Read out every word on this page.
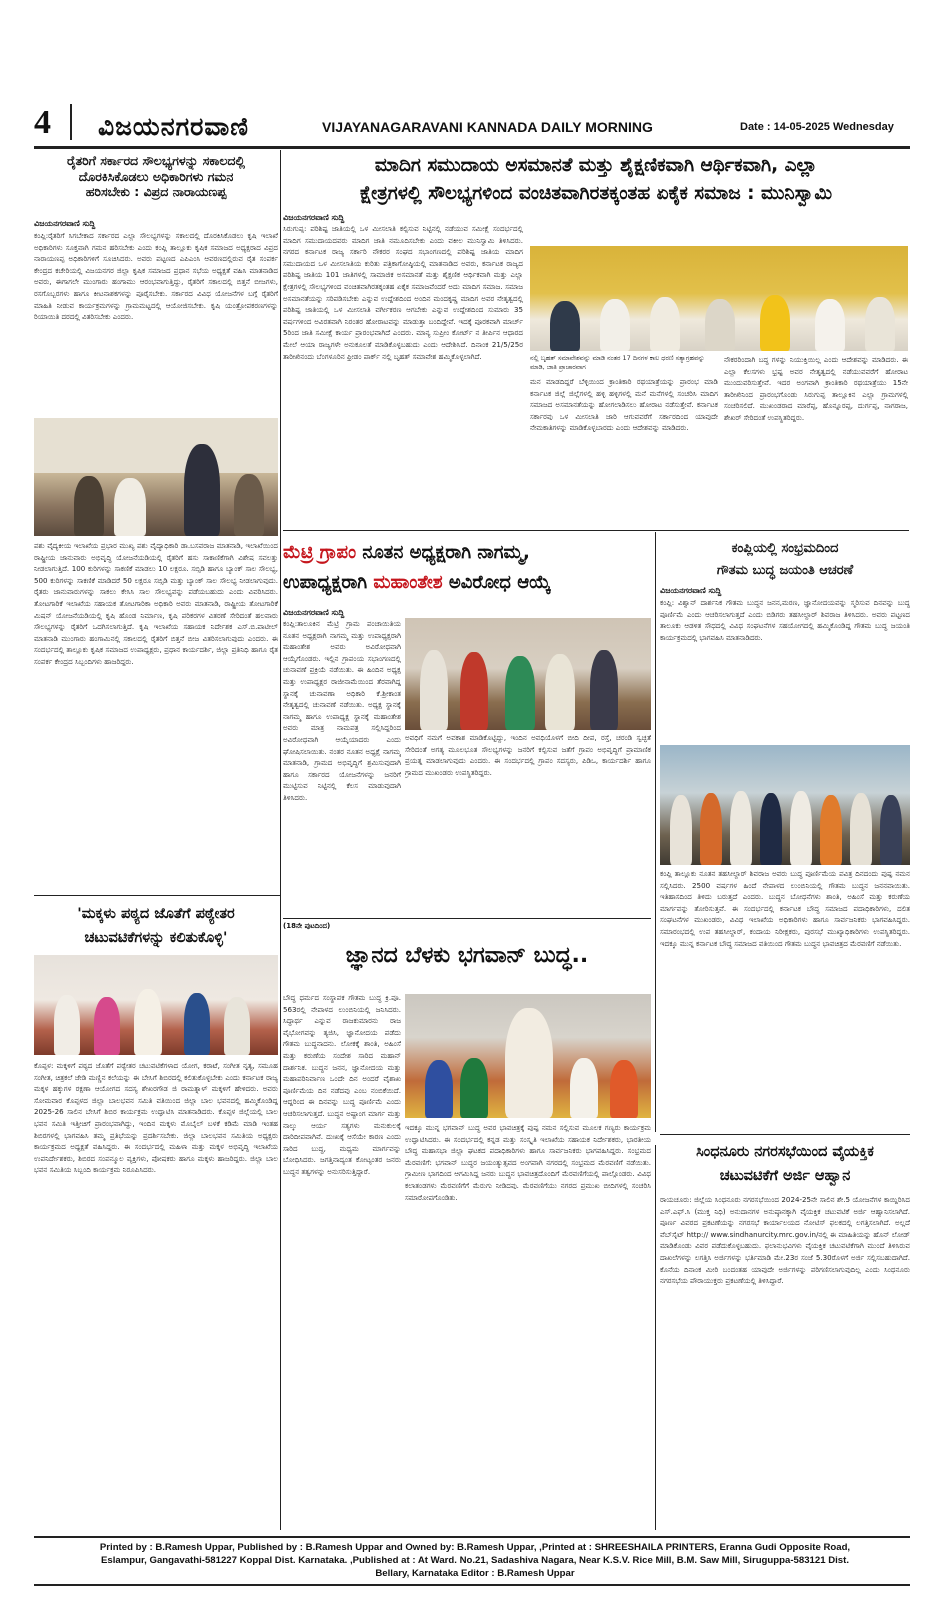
4 ವಿಜಯನಗರವಾಣಿ	VIJAYANAGARAVANI KANNADA DAILY MORNING	Date : 14-05-2025 Wednesday
ರೈತರಿಗೆ ಸರ್ಕಾರದ ಸೌಲಭ್ಯಗಳನ್ನು ಸಕಾಲದಲ್ಲಿ
ದೊರಕಿಸಿಕೊಡಲು ಅಧಿಕಾರಿಗಳು ಗಮನ
ಹರಿಸಬೇಕು : ವಿಪ್ರದ ನಾರಾಯಣಪ್ಪ
ವಿಜಯನಗರವಾಣಿ ಸುದ್ದಿ
ಕಂಪ್ಲಿ:ರೈತರಿಗೆ ಸಿಗಬೇಕಾದ ಸರ್ಕಾರದ ಎಲ್ಲಾ ಸೌಲಭ್ಯಗಳನ್ನು ಸಕಾಲದಲ್ಲಿ ದೊರಕಿಸಿಕೊಡಲು ಕೃಷಿ ಇಲಾಖೆ ಅಧಿಕಾರಿಗಳು ಸೂಕ್ತವಾಗಿ ಗಮನ ಹರಿಸಬೇಕು ಎಂದು ಕಂಪ್ಲಿ ತಾಲ್ಲೂಕು ಕೃಷಿಕ ಸಮಾಜದ ಅಧ್ಯಕ್ಷರಾದ ವಿಪ್ರದ ನಾರಾಯಣಪ್ಪ ಅಧಿಕಾರಿಗಳಿಗೆ ಸೂಚಿಸಿದರು. ಅವರು ಪಟ್ಟಣದ ಎಪಿಎಂಸಿ ಆವರಣದಲ್ಲಿರುವ ರೈತ ಸಂಪರ್ಕ ಕೇಂದ್ರದ ಕಚೇರಿಯಲ್ಲಿ ವಿಜಯನಗರ ಜಿಲ್ಲಾ ಕೃಷಿಕ ಸಮಾಜದ ಪ್ರಧಾನ ಸಭೆಯ ಅಧ್ಯಕ್ಷತೆ ವಹಿಸಿ ಮಾತನಾಡಿದ ಅವರು, ಈಗಾಗಲೇ ಮುಂಗಾರು ಹಂಗಾಮು ಆರಂಭವಾಗುತ್ತಿದ್ದು, ರೈತರಿಗೆ ಸಕಾಲದಲ್ಲಿ ಬಿತ್ತನೆ ಬೀಜಗಳು, ರಸಗೊಬ್ಬರಗಳು ಹಾಗೂ ಕೀಟನಾಶಕಗಳನ್ನು ಪೂರೈಸಬೇಕು. ಸರ್ಕಾರದ ವಿವಿಧ ಯೋಜನೆಗಳ ಬಗ್ಗೆ ರೈತರಿಗೆ ಮಾಹಿತಿ ನೀಡುವ ಕಾರ್ಯಕ್ರಮಗಳನ್ನು ಗ್ರಾಮಮಟ್ಟದಲ್ಲಿ ಆಯೋಜಿಸಬೇಕು. ಕೃಷಿ ಯಂತ್ರೋಪಕರಣಗಳನ್ನು ರಿಯಾಯಿತಿ ದರದಲ್ಲಿ ವಿತರಿಸಬೇಕು ಎಂದರು.
ಪಶು ವೈದ್ಯಕೀಯ ಇಲಾಖೆಯ ಪ್ರಭಾರ ಮುಖ್ಯ ಪಶು ವೈದ್ಯಾಧಿಕಾರಿ ಡಾ.ಬಸವರಾಜ ಮಾತನಾಡಿ, ಇಲಾಖೆಯಿಂದ ರಾಷ್ಟ್ರೀಯ ಜಾನುವಾರು ಅಭಿವೃದ್ಧಿ ಯೋಜನೆಯಡಿಯಲ್ಲಿ ರೈತರಿಗೆ ಹಸು ಸಾಕಾಣಿಕೆಗಾಗಿ ವಿಶೇಷ ಸವಲತ್ತು ನೀಡಲಾಗುತ್ತಿದೆ. 100 ಕುರಿಗಳನ್ನು ಸಾಕಣಿಕೆ ಮಾಡಲು 10 ಲಕ್ಷರೂ. ಸಬ್ಸಿಡಿ ಹಾಗೂ ಬ್ಯಾಂಕ್ ಸಾಲ ಸೌಲಭ್ಯ, 500 ಕುರಿಗಳನ್ನು ಸಾಕಣಿಕೆ ಮಾಡಿದರೆ 50 ಲಕ್ಷರೂ ಸಬ್ಸಿಡಿ ಮತ್ತು ಬ್ಯಾಂಕ್ ಸಾಲ ಸೌಲಭ್ಯ ನೀಡಲಾಗುವುದು. ರೈತರು ಜಾನುವಾರುಗಳನ್ನು ಸಾಕಲು ಕೇಸಿಸಿ ಸಾಲ ಸೌಲಭ್ಯವನ್ನು ಪಡೆಯಬಹುದು ಎಂದು ವಿವರಿಸಿದರು. ತೋಟಗಾರಿಕೆ ಇಲಾಖೆಯ ಸಹಾಯಕ ತೋಟಗಾರಿಕಾ ಅಧಿಕಾರಿ ಅವರು ಮಾತನಾಡಿ, ರಾಷ್ಟ್ರೀಯ ತೋಟಗಾರಿಕೆ ಮಿಷನ್ ಯೋಜನೆಯಡಿಯಲ್ಲಿ ಕೃಷಿ ಹೊಂಡ ನಿರ್ಮಾಣ, ಕೃಷಿ ಪರಿಕರಗಳ ವಿತರಣೆ ಸೇರಿದಂತೆ ಹಲವಾರು ಸೌಲಭ್ಯಗಳನ್ನು ರೈತರಿಗೆ ಒದಗಿಸಲಾಗುತ್ತಿದೆ. ಕೃಷಿ ಇಲಾಖೆಯ ಸಹಾಯಕ ನಿರ್ದೇಶಕ ಎಸ್.ಬಿ.ಪಾಟೀಲ್ ಮಾತನಾಡಿ ಮುಂಗಾರು ಹಂಗಾಮಿನಲ್ಲಿ ಸಕಾಲದಲ್ಲಿ ರೈತರಿಗೆ ಬಿತ್ತನೆ ಬೀಜ ವಿತರಿಸಲಾಗುವುದು ಎಂದರು. ಈ ಸಂದರ್ಭದಲ್ಲಿ ತಾಲ್ಲೂಕು ಕೃಷಿಕ ಸಮಾಜದ ಉಪಾಧ್ಯಕ್ಷರು, ಪ್ರಧಾನ ಕಾರ್ಯದರ್ಶಿ, ಜಿಲ್ಲಾ ಪ್ರತಿನಿಧಿ ಹಾಗೂ ರೈತ ಸಂಪರ್ಕ ಕೇಂದ್ರದ ಸಿಬ್ಬಂದಿಗಳು ಹಾಜರಿದ್ದರು.
ಮಾದಿಗ ಸಮುದಾಯ ಅಸಮಾನತೆ ಮತ್ತು ಶೈಕ್ಷಣಿಕವಾಗಿ ಆರ್ಥಿಕವಾಗಿ, ಎಲ್ಲಾ
ಕ್ಷೇತ್ರಗಳಲ್ಲಿ ಸೌಲಭ್ಯಗಳಿಂದ ವಂಚಿತವಾಗಿರತಕ್ಕಂತಹ ಏಕೈಕ ಸಮಾಜ : ಮುನಿಸ್ವಾಮಿ
ವಿಜಯನಗರವಾಣಿ ಸುದ್ದಿ
ಸಿರುಗುಪ್ಪ: ಪರಿಶಿಷ್ಟ ಜಾತಿಯಲ್ಲಿ ಒಳ ಮೀಸಲಾತಿ ಕಲ್ಪಿಸುವ ನಿಟ್ಟಿನಲ್ಲಿ ನಡೆಯುವ ಸಮೀಕ್ಷೆ ಸಂದರ್ಭದಲ್ಲಿ ಮಾದಿಗ ಸಮುದಾಯದವರು ಮಾದಿಗ ಜಾತಿ ನಮೂದಿಸಬೇಕು ಎಂದು ವಕೀಲ ಮುನಿಸ್ವಾಮಿ ತಿಳಿಸಿದರು. ನಗರದ ಕರ್ನಾಟಕ ರಾಜ್ಯ ಸರ್ಕಾರಿ ನೌಕರರ ಸಂಘದ ಸಭಾಂಗಣದಲ್ಲಿ ಪರಿಶಿಷ್ಟ ಜಾತಿಯ ಮಾದಿಗ ಸಮುದಾಯದ ಒಳ ಮೀಸಲಾತಿಯ ಕುರಿತು ಪತ್ರಿಕಾಗೋಷ್ಠಿಯಲ್ಲಿ ಮಾತನಾಡಿದ ಅವರು, ಕರ್ನಾಟಕ ರಾಜ್ಯದ ಪರಿಶಿಷ್ಟ ಜಾತಿಯ 101 ಜಾತಿಗಳಲ್ಲಿ ಸಾಮಾಜಿಕ ಅಸಮಾನತೆ ಮತ್ತು ಶೈಕ್ಷಣಿಕ ಆರ್ಥಿಕವಾಗಿ ಮತ್ತು ಎಲ್ಲಾ ಕ್ಷೇತ್ರಗಳಲ್ಲಿ ಸೌಲಭ್ಯಗಳಿಂದ ವಂಚಿತವಾಗಿರತಕ್ಕಂತಹ ಏಕೈಕ ಸಮಾಜವೆಂದರೆ ಅದು ಮಾದಿಗ ಸಮಾಜ. ಸಮಾಜ ಅಸಮಾನತೆಯನ್ನು ಸರಿಪಡಿಸಬೇಕು ಎನ್ನುವ ಉದ್ದೇಶದಿಂದ ಅಂದಿನ ಮಂದಕೃಷ್ಣ ಮಾದಿಗ ಅವರ ನೇತೃತ್ವದಲ್ಲಿ ಪರಿಶಿಷ್ಟ ಜಾತಿಯಲ್ಲಿ ಒಳ ಮೀಸಲಾತಿ ವರ್ಗೀಕರಣ ಆಗಬೇಕು ಎನ್ನುವ ಉದ್ದೇಶದಿಂದ ಸುಮಾರು 35 ವರ್ಷಗಳಿಂದ ಅವಿರತವಾಗಿ ನಿರಂತರ ಹೋರಾಟವನ್ನು ಮಾಡುತ್ತಾ ಬಂದಿದ್ದೇವೆ. ಇದಕ್ಕೆ ಪೂರಕವಾಗಿ ಮಾರ್ಚ್ 5ರಿಂದ ಜಾತಿ ಸಮೀಕ್ಷೆ ಕಾರ್ಯ ಪ್ರಾರಂಭವಾಗಿದೆ ಎಂದರು. ಮಾನ್ಯ ಸುಪ್ರೀಂ ಕೋರ್ಟ್ ನ ತೀರ್ಪಿನ ಆಧಾರದ ಮೇಲೆ ಆಯಾ ರಾಜ್ಯಗಳೇ ಅನುಕೂಲತೆ ಮಾಡಿಕೊಳ್ಳಬಹುದು ಎಂದು ಆದೇಶಿಸಿದೆ. ದಿನಾಂಕ 21/5/25ರ ತಾರೀಖಿನಂದು ಬೆಂಗಳೂರಿನ ಫ್ರೀಡಂ ಪಾರ್ಕ್ ನಲ್ಲಿ ಬೃಹತ್ ಸಮಾವೇಶ ಹಮ್ಮಿಕೊಳ್ಳಲಾಗಿದೆ.	ನಲ್ಲಿ ಬೃಹತ್ ಸಮಾವೇಶವನ್ನು ಮಾಡಿ ನಂತರ 17 ದಿನಗಳ ಕಾಲ ಧರಣಿ ಸತ್ಯಾಗ್ರಹವನ್ನು ಮಾಡಿ, ಜಾತಿ ಪ್ರಾಚಾರವಾಗ
ಮನ ಮಾಡದಿದ್ದರೆ ಬೆಳ್ಳಿಯಿಂದ ಕ್ರಾಂತಿಕಾರಿ ರಥಯಾತ್ರೆಯನ್ನು ಪ್ರಾರಂಭ ಮಾಡಿ ಕರ್ನಾಟಕ ಜಿಲ್ಲೆ ಜಿಲ್ಲೆಗಳಲ್ಲಿ ಹಳ್ಳಿ ಹಳ್ಳಿಗಳಲ್ಲಿ ಮನೆ ಮನೆಗಳಲ್ಲಿ ಸಂಚರಿಸಿ ಮಾದಿಗ ಸಮಾಜದ ಅಸಮಾನತೆಯನ್ನು ಹೋಗಲಾಡಿಸಲು ಹೋರಾಟ ನಡೆಸುತ್ತೇವೆ. ಕರ್ನಾಟಕ ಸರ್ಕಾರವು ಒಳ ಮೀಸಲಾತಿ ಜಾರಿ ಆಗುವವರೆಗೆ ಸರ್ಕಾರದಿಂದ ಯಾವುದೇ ನೇಮಕಾತಿಗಳನ್ನು ಮಾಡಿಕೊಳ್ಳಬಾರದು ಎಂದು ಆದೇಶವನ್ನು ಮಾಡಿದರು.
ನೌಕರರಿಂದಾಗಿ ಬದ್ಧ ಗಳನ್ನು ನಿಯುಕ್ತಿಯಿಲ್ಲ ಎಂದು ಆದೇಶವನ್ನು ಮಾಡಿದರು. ಈ ಎಲ್ಲಾ ಕೆಲಸಗಳು ಭ್ರಷ್ಟ ಅವರ ನೇತೃತ್ವದಲ್ಲಿ ನಡೆಯುವವರೆಗೆ ಹೋರಾಟ ಮುಂದುವರಿಸುತ್ತೇವೆ. ಇದರ ಅಂಗವಾಗಿ ಕ್ರಾಂತಿಕಾರಿ ರಥಯಾತ್ರೆಯು 15ನೇ ತಾರೀಖಿನಿಂದ ಪ್ರಾರಂಭಗೊಂಡು ಸಿರುಗುಪ್ಪ ತಾಲ್ಲೂಕಿನ ಎಲ್ಲಾ ಗ್ರಾಮಗಳಲ್ಲಿ ಸಂಚರಿಸಲಿದೆ. ಮುಖಂಡರಾದ ಮಾರೆಪ್ಪ, ಹೊನ್ನೂರಪ್ಪ, ದುರ್ಗಪ್ಪ, ನಾಗರಾಜ, ಶೇಖರ್ ಸೇರಿದಂತೆ ಉಪಸ್ಥಿತರಿದ್ದರು.
ಮೆಟ್ರಿ ಗ್ರಾಪಂ ನೂತನ ಅಧ್ಯಕ್ಷರಾಗಿ ನಾಗಮ್ಮ,
ಉಪಾಧ್ಯಕ್ಷರಾಗಿ ಮಹಾಂತೇಶ ಅವಿರೋಧ ಆಯ್ಕೆ
ವಿಜಯನಗರವಾಣಿ ಸುದ್ದಿ
ಕಂಪ್ಲಿ:ತಾಲೂಕಿನ ಮೆಟ್ರಿ ಗ್ರಾಮ ಪಂಚಾಯಿತಿಯ ನೂತನ ಅಧ್ಯಕ್ಷರಾಗಿ ನಾಗಮ್ಮ ಮತ್ತು ಉಪಾಧ್ಯಕ್ಷರಾಗಿ ಮಹಾಂತೇಶ ಅವರು ಅವಿರೋಧವಾಗಿ ಆಯ್ಕೆಗೊಂಡರು. ಇಲ್ಲಿನ ಗ್ರಾಪಂಯ ಸಭಾಂಗಣದಲ್ಲಿ ಚುನಾವಣೆ ಪ್ರಕ್ರಿಯೆ ನಡೆಯಿತು. ಈ ಹಿಂದಿನ ಅಧ್ಯಕ್ಷ ಮತ್ತು ಉಪಾಧ್ಯಕ್ಷರ ರಾಜೀನಾಮೆಯಿಂದ ತೆರವಾಗಿದ್ದ ಸ್ಥಾನಕ್ಕೆ ಚುನಾವಣಾ ಅಧಿಕಾರಿ ಕೆ.ಶ್ರೀಕಾಂತ ನೇತೃತ್ವದಲ್ಲಿ ಚುನಾವಣೆ ನಡೆಯಿತು. ಅಧ್ಯಕ್ಷ ಸ್ಥಾನಕ್ಕೆ ನಾಗಮ್ಮ ಹಾಗೂ ಉಪಾಧ್ಯಕ್ಷ ಸ್ಥಾನಕ್ಕೆ ಮಹಾಂತೇಶ ಅವರು ಮಾತ್ರ ನಾಮಪತ್ರ ಸಲ್ಲಿಸಿದ್ದರಿಂದ ಅವಿರೋಧವಾಗಿ ಆಯ್ಕೆಯಾದರು ಎಂದು ಘೋಷಿಸಲಾಯಿತು. ನಂತರ ನೂತನ ಅಧ್ಯಕ್ಷೆ ನಾಗಮ್ಮ ಮಾತನಾಡಿ, ಗ್ರಾಮದ ಅಭಿವೃದ್ಧಿಗೆ ಶ್ರಮಿಸುವುದಾಗಿ ಹಾಗೂ ಸರ್ಕಾರದ ಯೋಜನೆಗಳನ್ನು ಜನರಿಗೆ ಮುಟ್ಟಿಸುವ ನಿಟ್ಟಿನಲ್ಲಿ ಕೆಲಸ ಮಾಡುವುದಾಗಿ ತಿಳಿಸಿದರು.
ಅವಧಿಗೆ ನಮಗೆ ಅವಕಾಶ ಮಾಡಿಕೊಟ್ಟಿದ್ದು, ಇಂದಿನ ಅವಧಿಯೊಳಗೆ ಬೀದಿ ದೀಪ, ರಸ್ತೆ, ಚರಂಡಿ ಸ್ವಚ್ಛತೆ ಸೇರಿದಂತೆ ಅಗತ್ಯ ಮೂಲಭೂತ ಸೌಲಭ್ಯಗಳನ್ನು ಜನರಿಗೆ ಕಲ್ಪಿಸುವ ಜತೆಗೆ ಗ್ರಾಪಂ ಅಭಿವೃದ್ಧಿಗೆ ಪ್ರಾಮಾಣಿಕ ಪ್ರಯತ್ನ ಮಾಡಲಾಗುವುದು ಎಂದರು. ಈ ಸಂದರ್ಭದಲ್ಲಿ ಗ್ರಾಪಂ ಸದಸ್ಯರು, ಪಿಡಿಒ, ಕಾರ್ಯದರ್ಶಿ ಹಾಗೂ ಗ್ರಾಮದ ಮುಖಂಡರು ಉಪಸ್ಥಿತರಿದ್ದರು.
ಕಂಪ್ಲಿಯಲ್ಲಿ ಸಂಭ್ರಮದಿಂದ
ಗೌತಮ ಬುದ್ಧ ಜಯಂತಿ ಆಚರಣೆ
ವಿಜಯನಗರವಾಣಿ ಸುದ್ದಿ
ಕಂಪ್ಲಿ: ವಿಶ್ವಾನ್ ದಾರ್ಶನಿಕ ಗೌತಮ ಬುದ್ಧನ ಜನನ,ಮರಣ, ಜ್ಞಾನೋದಯವನ್ನು ಸ್ಮರಿಸುವ ದಿನವನ್ನು ಬುದ್ಧ ಪೂರ್ಣಿಮೆ ಎಂದು ಆಚರಿಸಲಾಗುತ್ತದೆ ಎಂದು ಬಿಡಿಗರು ತಹಸೀಲ್ದಾರ್ ಶಿವರಾಜ ತಿಳಿಸಿದರು. ಅವರು ಪಟ್ಟಣದ ತಾಲೂಕು ಆಡಳಿತ ಸೌಧದಲ್ಲಿ ವಿವಿಧ ಸಂಘಟನೆಗಳ ಸಹಯೋಗದಲ್ಲಿ ಹಮ್ಮಿಕೊಂಡಿದ್ದ ಗೌತಮ ಬುದ್ಧ ಜಯಂತಿ ಕಾರ್ಯಕ್ರಮದಲ್ಲಿ ಭಾಗವಹಿಸಿ ಮಾತನಾಡಿದರು.
ಕಂಪ್ಲಿ ತಾಲ್ಲೂಕು ನೂತನ ತಹಸೀಲ್ದಾರ್ ಶಿವರಾಜ ಅವರು ಬುದ್ಧ ಪೂರ್ಣಿಮೆಯ ಪವಿತ್ರ ದಿನದಂದು ಪುಷ್ಪ ನಮನ ಸಲ್ಲಿಸಿದರು. 2500 ವರ್ಷಗಳ ಹಿಂದೆ ನೇಪಾಳದ ಲುಂಬಿನಿಯಲ್ಲಿ ಗೌತಮ ಬುದ್ಧನ ಜನನವಾಯಿತು. ಇತಿಹಾಸದಿಂದ ತಿಳಿದು ಬರುತ್ತದೆ ಎಂದರು. ಬುದ್ಧನ ಬೋಧನೆಗಳು ಶಾಂತಿ, ಅಹಿಂಸೆ ಮತ್ತು ಕರುಣೆಯ ಮಾರ್ಗವನ್ನು ತೋರಿಸುತ್ತವೆ. ಈ ಸಂದರ್ಭದಲ್ಲಿ ಕರ್ನಾಟಕ ಬೌದ್ಧ ಸಮಾಜದ ಪದಾಧಿಕಾರಿಗಳು, ದಲಿತ ಸಂಘಟನೆಗಳ ಮುಖಂಡರು, ವಿವಿಧ ಇಲಾಖೆಯ ಅಧಿಕಾರಿಗಳು ಹಾಗೂ ಸಾರ್ವಜನಿಕರು ಭಾಗವಹಿಸಿದ್ದರು. ಸಮಾರಂಭದಲ್ಲಿ ಉಪ ತಹಸೀಲ್ದಾರ್, ಕಂದಾಯ ನಿರೀಕ್ಷಕರು, ಪುರಸಭೆ ಮುಖ್ಯಾಧಿಕಾರಿಗಳು ಉಪಸ್ಥಿತರಿದ್ದರು. ಇದಕ್ಕೂ ಮುನ್ನ ಕರ್ನಾಟಕ ಬೌದ್ಧ ಸಮಾಜದ ವತಿಯಿಂದ ಗೌತಮ ಬುದ್ಧನ ಭಾವಚಿತ್ರದ ಮೆರವಣಿಗೆ ನಡೆಯಿತು.
'ಮಕ್ಕಳು ಪಠ್ಯದ ಜೊತೆಗೆ ಪಠ್ಯೇತರ
ಚಟುವಟಿಕೆಗಳನ್ನು ಕಲಿತುಕೊಳ್ಳಿ'
ಕೊಪ್ಪಳ: ಮಕ್ಕಳಿಗೆ ಪಠ್ಯದ ಜೊತೆಗೆ ಪಠ್ಯೇತರ ಚಟುವಟಿಕೆಗಳಾದ ಯೋಗ, ಕರಾಟೆ, ಸಂಗೀತ ನೃತ್ಯ, ಸಮೂಹ ಸಂಗೀತ, ಚಿತ್ರಕಲೆ ಜೇಡಿ ಮಣ್ಣಿನ ಕಲೆಯನ್ನು ಈ ಬೇಸಿಗೆ ಶಿಬಿರದಲ್ಲಿ ಕಲಿತುಕೊಳ್ಳಬೇಕು ಎಂದು ಕರ್ನಾಟಕ ರಾಜ್ಯ ಮಕ್ಕಳ ಹಕ್ಕುಗಳ ರಕ್ಷಣಾ ಆಯೋಗದ ಸದಸ್ಯ ಶೇಖರಗೌಡ ಜಿ ರಾಮತ್ನಾಳ್ ಮಕ್ಕಳಿಗೆ ಹೇಳಿದರು. ಅವರು ಸೋಮವಾರ ಕೊಪ್ಪಳದ ಜಿಲ್ಲಾ ಬಾಲಭವನ ಸಮಿತಿ ವತಿಯಿಂದ ಜಿಲ್ಲಾ ಬಾಲ ಭವನದಲ್ಲಿ ಹಮ್ಮಿಕೊಂಡಿದ್ದ 2025-26 ಸಾಲಿನ ಬೇಸಿಗೆ ಶಿಬಿರ ಕಾರ್ಯಕ್ರಮ ಉದ್ಘಾಟಿಸಿ ಮಾತನಾಡಿದರು. ಕೊಪ್ಪಳ ಜಿಲ್ಲೆಯಲ್ಲಿ ಬಾಲ ಭವನ ಸಮಿತಿ ಇತ್ತೀಚಿಗೆ ಪ್ರಾರಂಭವಾಗಿದ್ದು, ಇಂದಿನ ಮಕ್ಕಳು ಮೊಬೈಲ್ ಬಳಕೆ ಕಡಿಮೆ ಮಾಡಿ ಇಂತಹ ಶಿಬಿರಗಳಲ್ಲಿ ಭಾಗವಹಿಸಿ ತಮ್ಮ ಪ್ರತಿಭೆಯನ್ನು ಪ್ರದರ್ಶಿಸಬೇಕು. ಜಿಲ್ಲಾ ಬಾಲಭವನ ಸಮಿತಿಯ ಅಧ್ಯಕ್ಷರು ಕಾರ್ಯಕ್ರಮದ ಅಧ್ಯಕ್ಷತೆ ವಹಿಸಿದ್ದರು. ಈ ಸಂದರ್ಭದಲ್ಲಿ ಮಹಿಳಾ ಮತ್ತು ಮಕ್ಕಳ ಅಭಿವೃದ್ಧಿ ಇಲಾಖೆಯ ಉಪನಿರ್ದೇಶಕರು, ಶಿಬಿರದ ಸಂಪನ್ಮೂಲ ವ್ಯಕ್ತಿಗಳು, ಪೋಷಕರು ಹಾಗೂ ಮಕ್ಕಳು ಹಾಜರಿದ್ದರು. ಜಿಲ್ಲಾ ಬಾಲ ಭವನ ಸಮಿತಿಯ ಸಿಬ್ಬಂದಿ ಕಾರ್ಯಕ್ರಮ ನಿರೂಪಿಸಿದರು.
(18ನೇ ಪುಟದಿಂದ)
ಜ್ಞಾನದ ಬೆಳಕು ಭಗವಾನ್ ಬುದ್ಧ..
ಬೌದ್ಧ ಧರ್ಮದ ಸಂಸ್ಥಾಪಕ ಗೌತಮ ಬುದ್ಧ ಕ್ರಿ.ಪೂ. 563ರಲ್ಲಿ ನೇಪಾಳದ ಲುಂಬಿನಿಯಲ್ಲಿ ಜನಿಸಿದರು. ಸಿದ್ಧಾರ್ಥ ಎನ್ನುವ ರಾಜಕುಮಾರನು ರಾಜ ವೈಭೋಗವನ್ನು ತ್ಯಜಿಸಿ, ಜ್ಞಾನೋದಯ ಪಡೆದು ಗೌತಮ ಬುದ್ಧನಾದನು. ಲೋಕಕ್ಕೆ ಶಾಂತಿ, ಅಹಿಂಸೆ ಮತ್ತು ಕರುಣೆಯ ಸಂದೇಶ ಸಾರಿದ ಮಹಾನ್ ದಾರ್ಶನಿಕ. ಬುದ್ಧನ ಜನನ, ಜ್ಞಾನೋದಯ ಮತ್ತು ಮಹಾಪರಿನಿರ್ವಾಣ ಒಂದೇ ದಿನ ಅಂದರೆ ವೈಶಾಖ ಪೂರ್ಣಿಮೆಯ ದಿನ ನಡೆದವು ಎಂಬ ನಂಬಿಕೆಯಿದೆ. ಆದ್ದರಿಂದ ಈ ದಿನವನ್ನು ಬುದ್ಧ ಪೂರ್ಣಿಮೆ ಎಂದು ಆಚರಿಸಲಾಗುತ್ತದೆ. ಬುದ್ಧನ ಅಷ್ಟಾಂಗ ಮಾರ್ಗ ಮತ್ತು ನಾಲ್ಕು ಆರ್ಯ ಸತ್ಯಗಳು ಮನುಕುಲಕ್ಕೆ ದಾರಿದೀಪವಾಗಿವೆ. ದುಃಖಕ್ಕೆ ಆಸೆಯೇ ಕಾರಣ ಎಂದು ಸಾರಿದ ಬುದ್ಧ, ಮಧ್ಯಮ ಮಾರ್ಗವನ್ನು ಬೋಧಿಸಿದರು. ಜಗತ್ತಿನಾದ್ಯಂತ ಕೋಟ್ಯಂತರ ಜನರು ಬುದ್ಧನ ತತ್ವಗಳನ್ನು ಅನುಸರಿಸುತ್ತಿದ್ದಾರೆ.
ಇದಕ್ಕೂ ಮುನ್ನ ಭಗವಾನ್ ಬುದ್ಧ ಅವರ ಭಾವಚಿತ್ರಕ್ಕೆ ಪುಷ್ಪ ನಮನ ಸಲ್ಲಿಸುವ ಮೂಲಕ ಗಣ್ಯರು ಕಾರ್ಯಕ್ರಮ ಉದ್ಘಾಟಿಸಿದರು. ಈ ಸಂದರ್ಭದಲ್ಲಿ ಕನ್ನಡ ಮತ್ತು ಸಂಸ್ಕೃತಿ ಇಲಾಖೆಯ ಸಹಾಯಕ ನಿರ್ದೇಶಕರು, ಭಾರತೀಯ ಬೌದ್ಧ ಮಹಾಸಭಾ ಜಿಲ್ಲಾ ಘಟಕದ ಪದಾಧಿಕಾರಿಗಳು ಹಾಗೂ ಸಾರ್ವಜನಿಕರು ಭಾಗವಹಿಸಿದ್ದರು. ಸಂಭ್ರಮದ ಮೆರವಣಿಗೆ: ಭಗವಾನ್ ಬುದ್ಧರ ಜಯಂತ್ಯುತ್ಸವದ ಅಂಗವಾಗಿ ನಗರದಲ್ಲಿ ಸಂಭ್ರಮದ ಮೆರವಣಿಗೆ ನಡೆಯಿತು. ಗ್ರಾಮೀಣ ಭಾಗದಿಂದ ಆಗಮಿಸಿದ್ದ ಜನರು ಬುದ್ಧನ ಭಾವಚಿತ್ರದೊಂದಿಗೆ ಮೆರವಣಿಗೆಯಲ್ಲಿ ಪಾಲ್ಗೊಂಡರು. ವಿವಿಧ ಕಲಾತಂಡಗಳು ಮೆರವಣಿಗೆಗೆ ಮೆರುಗು ನೀಡಿದವು. ಮೆರವಣಿಗೆಯು ನಗರದ ಪ್ರಮುಖ ಬೀದಿಗಳಲ್ಲಿ ಸಂಚರಿಸಿ ಸಮಾರೋಪಗೊಂಡಿತು.
ಸಿಂಧನೂರು ನಗರಸಭೆಯಿಂದ ವೈಯಕ್ತಿಕ
ಚಟುವಟಿಕೆಗೆ ಅರ್ಜಿ ಆಹ್ವಾನ
ರಾಯಚೂರು: ಜಿಲ್ಲೆಯ ಸಿಂಧನೂರು ನಗರಸಭೆಯಿಂದ 2024-25ನೇ ಸಾಲಿನ ಶೇ.5 ಯೋಜನೆಗಳ ಕಾಯ್ದಿರಿಸಿದ ಎಸ್.ಎಫ್.ಸಿ (ಮುಕ್ತ ನಿಧಿ) ಅನುದಾನಗಳ ಅನುಷ್ಠಾನಕ್ಕಾಗಿ ವೈಯಕ್ತಿಕ ಚಟುವಟಿಕೆ ಅರ್ಜಿ ಆಹ್ವಾನಿಸಲಾಗಿದೆ. ಪೂರ್ಣ ವಿವರದ ಪ್ರಕಟಣೆಯನ್ನು ನಗರಸಭೆ ಕಾರ್ಯಾಲಯದ ನೋಟಿಸ್ ಫಲಕದಲ್ಲಿ ಲಗತ್ತಿಸಲಾಗಿದೆ. ಅಲ್ಲದೆ ವೆಬ್‌ಸೈಟ್ http:// www.sindhanurcity.mrc.gov.in/ನಲ್ಲಿ ಈ ಮಾಹಿತಿಯನ್ನು ಹೊನ್ ಲೋಡ್ ಮಾಡಿಕೊಂಡು ವಿವರ ಪಡೆದುಕೊಳ್ಳಬಹುದು. ಫಲಾನುಭವಿಗಳು ವೈಯಕ್ತಿಕ ಚಟುವಟಿಕೆಗಾಗಿ ಮುಂದೆ ತಿಳಿಸಿರುವ ದಾಖಲೆಗಳನ್ನು ಲಗತ್ತಿಸಿ ಅರ್ಜಿಗಳನ್ನು ಭರ್ತಿಮಾಡಿ ಮೇ.23ರ ಸಂಜೆ 5.30ರೊಳಗೆ ಅರ್ಜಿ ಸಲ್ಲಿಸಬಹುದಾಗಿದೆ. ಕೊನೆಯ ದಿನಾಂಕ ಮೀರಿ ಬಂದಂತಹ ಯಾವುದೇ ಅರ್ಜಿಗಳನ್ನು ಪರಿಗಣಿಸಲಾಗುವುದಿಲ್ಲ ಎಂದು ಸಿಂಧನೂರು ನಗರಸಭೆಯ ಪೌರಾಯುಕ್ತರು ಪ್ರಕಟಣೆಯಲ್ಲಿ ತಿಳಿಸಿದ್ದಾರೆ.
Printed by : B.Ramesh Uppar, Published by : B.Ramesh Uppar and Owned by: B.Ramesh Uppar, ,Printed at : SHREESHAILA PRINTERS, Eranna Gudi Opposite Road,
Eslampur, Gangavathi-581227 Koppal Dist. Karnataka. ,Published at : At Ward. No.21, Sadashiva Nagara, Near K.S.V. Rice Mill, B.M. Saw Mill, Siruguppa-583121 Dist.
Bellary, Karnataka Editor : B.Ramesh Uppar
